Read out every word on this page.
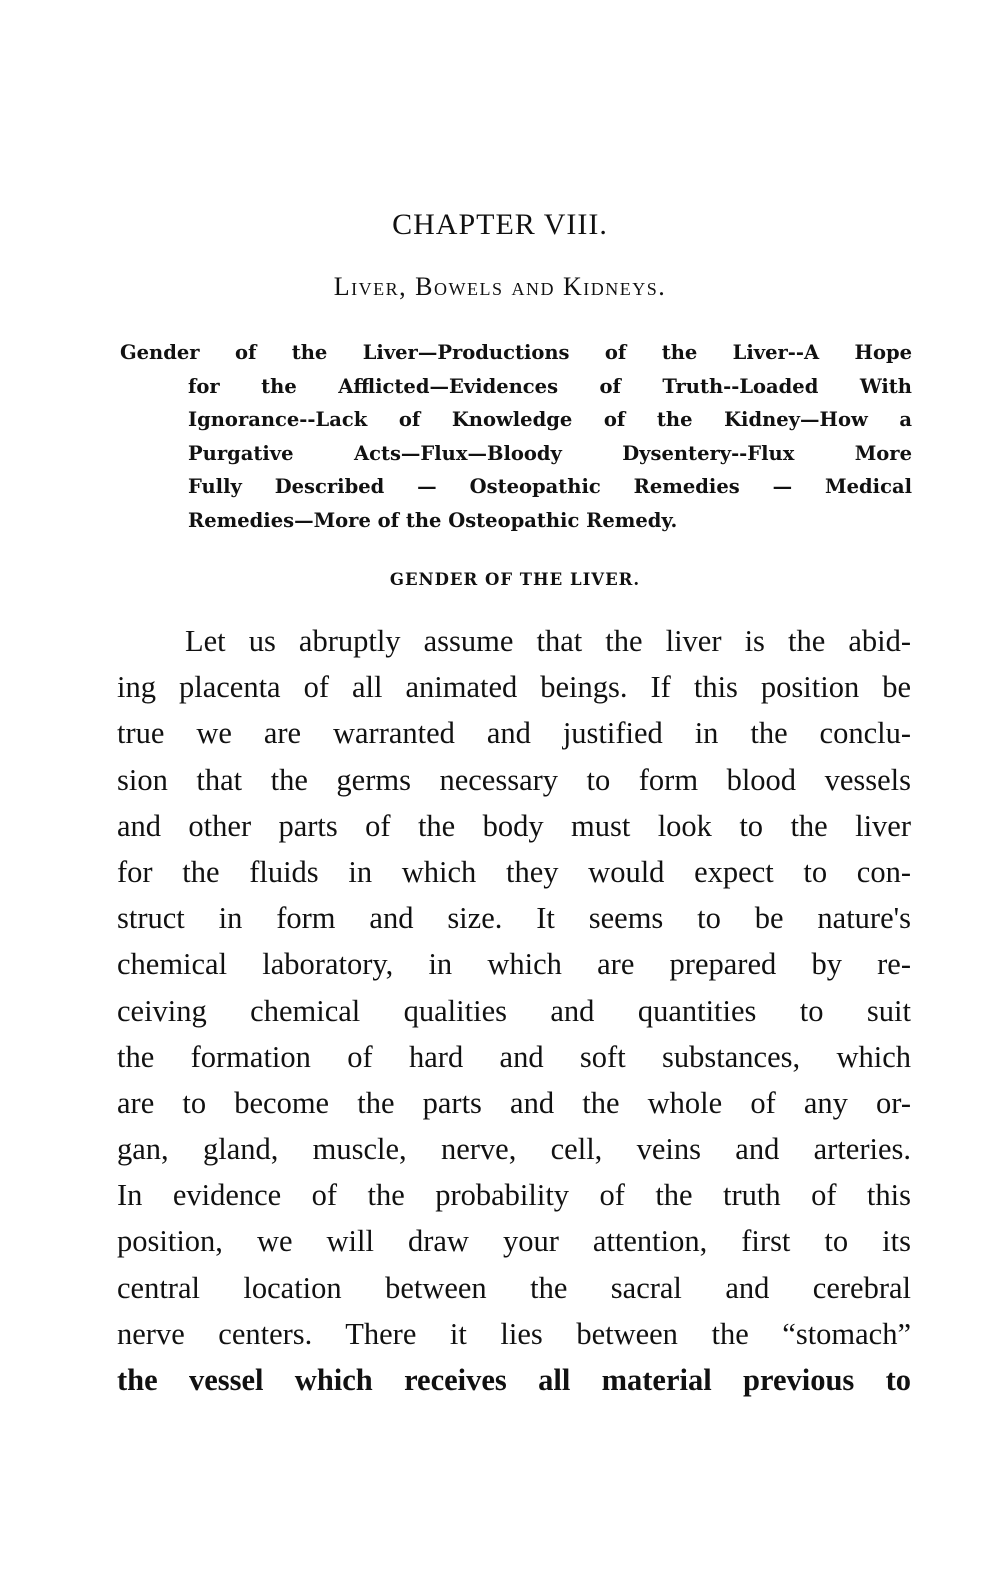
CHAPTER VIII.
Liver, Bowels and Kidneys.
Gender of the Liver—Productions of the Liver--A Hope
for the Afflicted—Evidences of Truth--Loaded With
Ignorance--Lack of Knowledge of the Kidney—How a
Purgative Acts—Flux—Bloody Dysentery--Flux More
Fully Described — Osteopathic Remedies — Medical
Remedies—More of the Osteopathic Remedy.
GENDER OF THE LIVER.
Let us abruptly assume that the liver is the abid-
ing placenta of all animated beings. If this position be
true we are warranted and justified in the conclu-
sion that the germs necessary to form blood vessels
and other parts of the body must look to the liver
for the fluids in which they would expect to con-
struct in form and size. It seems to be nature's
chemical laboratory, in which are prepared by re-
ceiving chemical qualities and quantities to suit
the formation of hard and soft substances, which
are to become the parts and the whole of any or-
gan, gland, muscle, nerve, cell, veins and arteries.
In evidence of the probability of the truth of this
position, we will draw your attention, first to its
central location between the sacral and cerebral
nerve centers. There it lies between the “stomach”
the vessel which receives all material previous to
